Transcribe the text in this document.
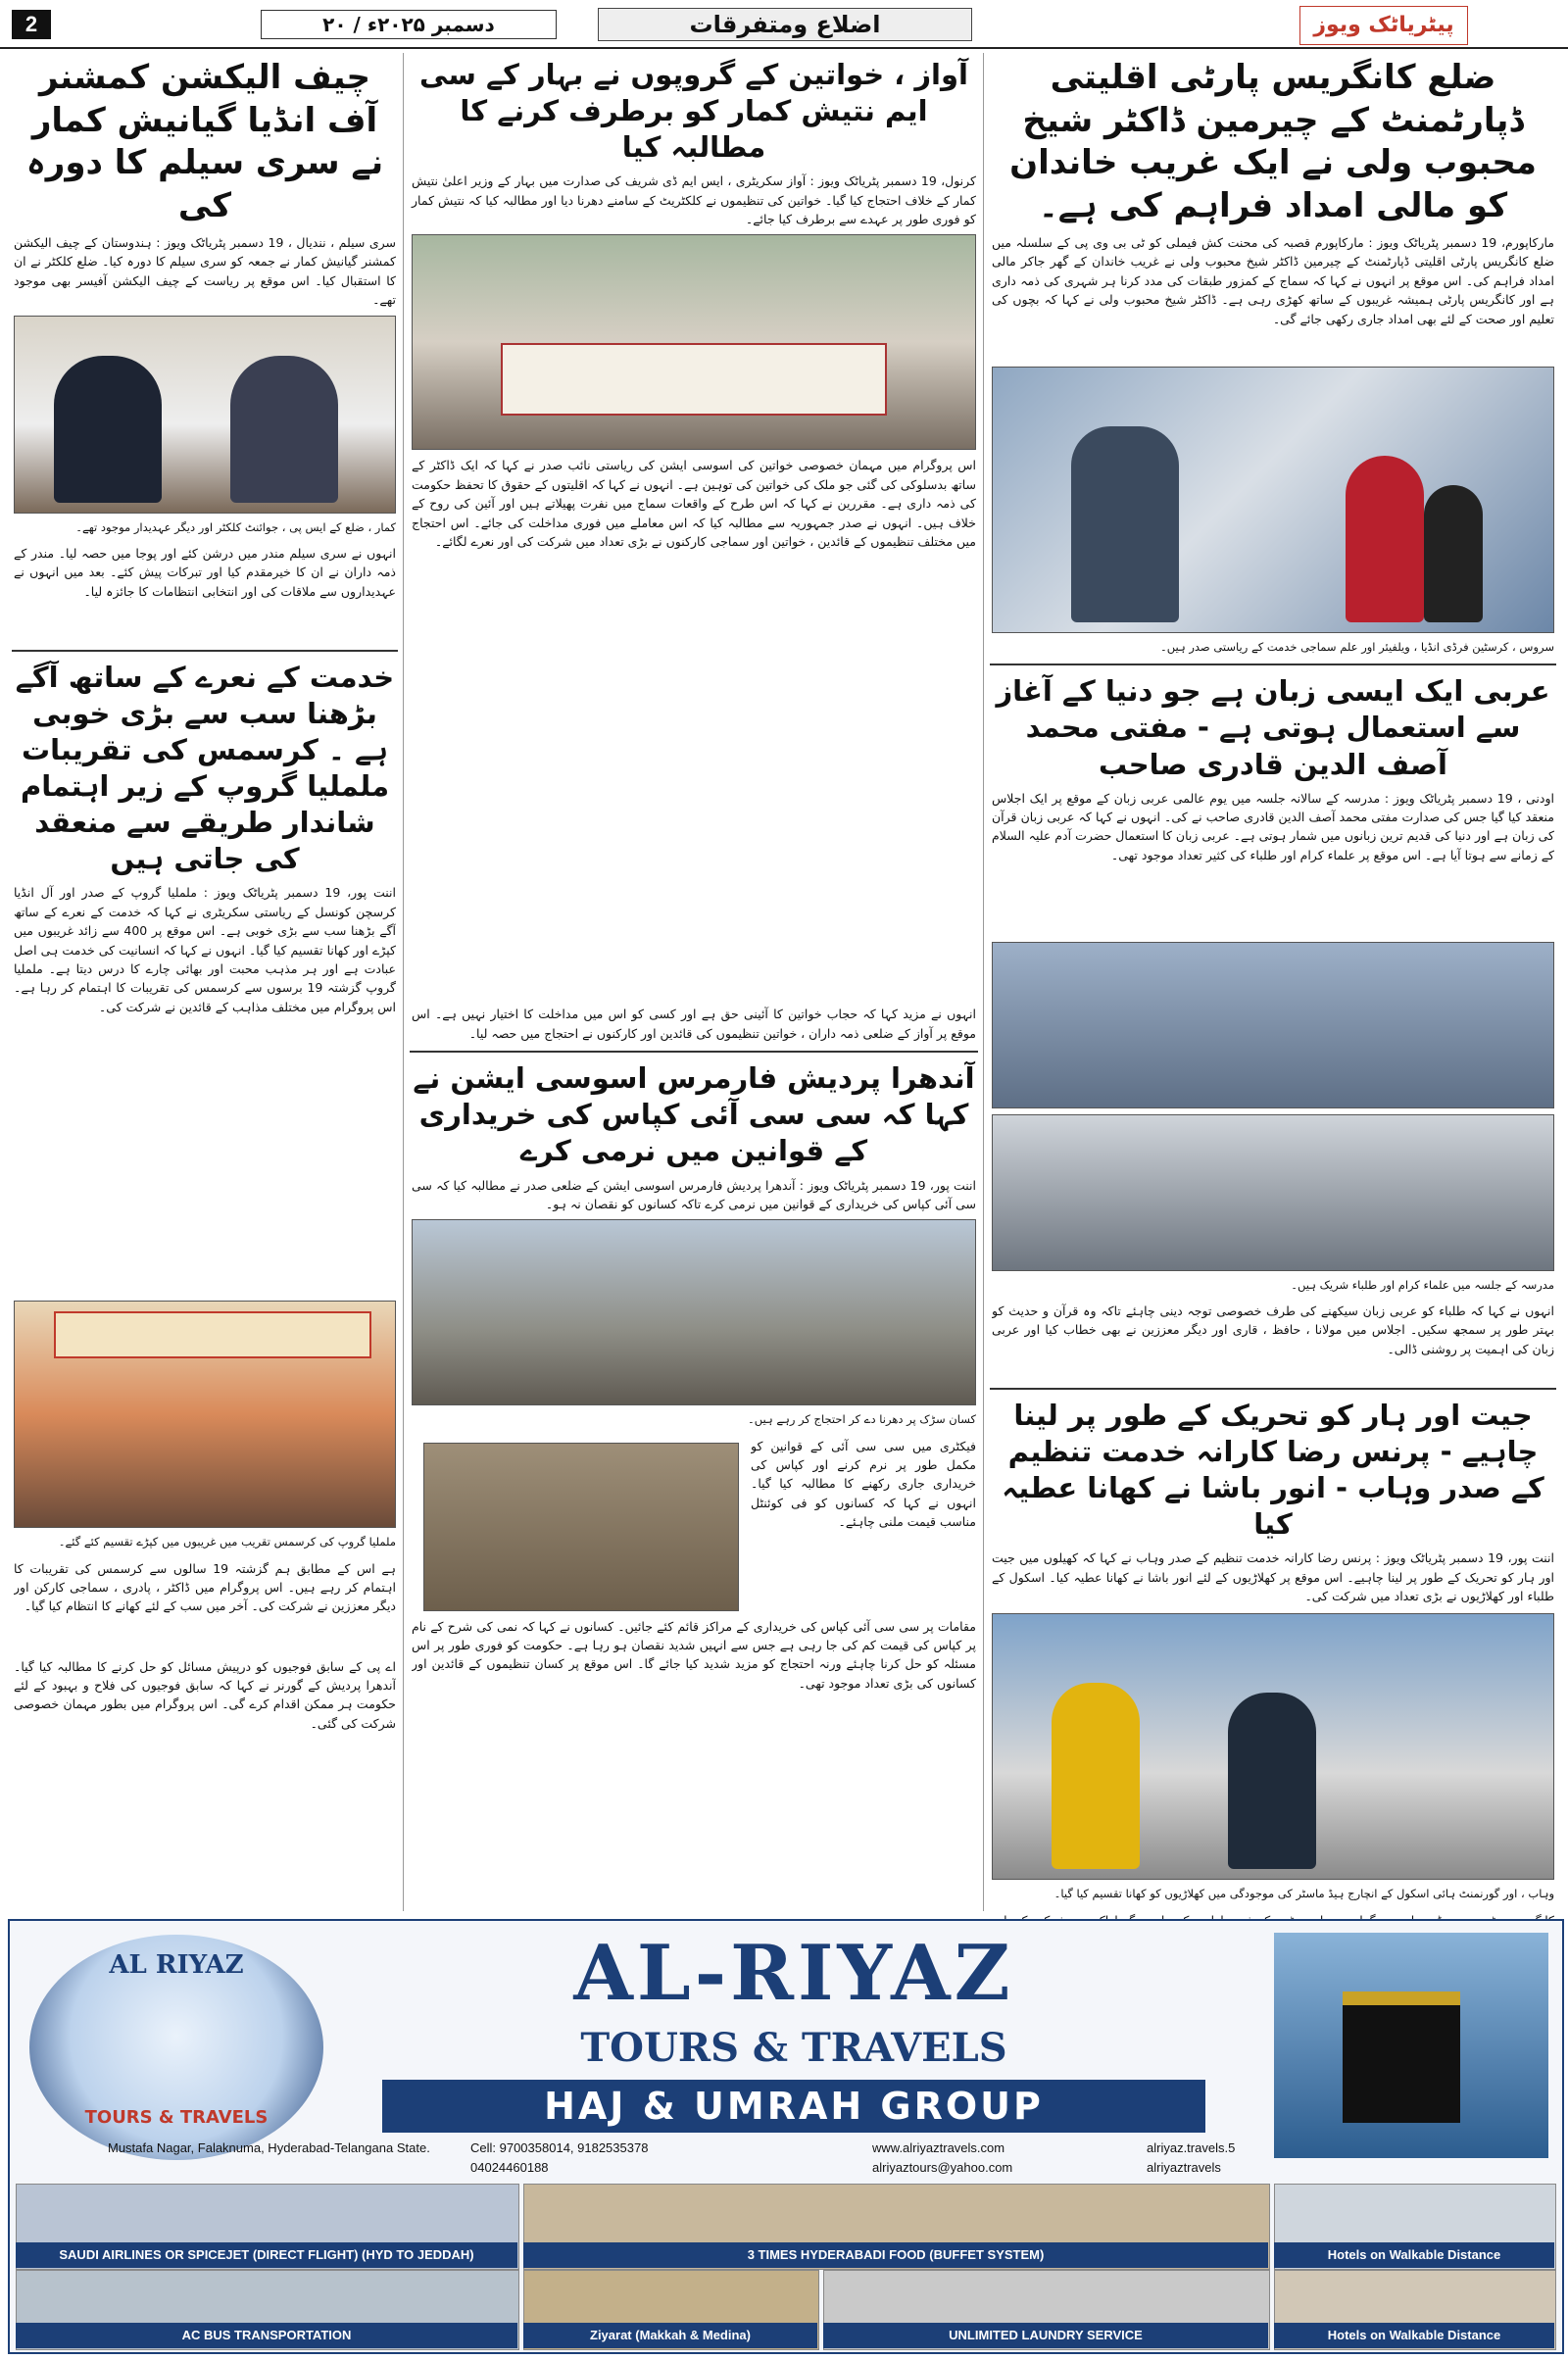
2	۲۰ / دسمبر ۲۰۲۵ء	اضلاع ومتفرقات	پیٹریاٹک ویوز
ضلع کانگریس پارٹی اقلیتی ڈپارٹمنٹ کے چیرمین ڈاکٹر شیخ محبوب ولی نے ایک غریب خاندان کو مالی امداد فراہم کی ہے۔
مارکاپورم، 19 دسمبر پٹریاٹک ویوز : مارکاپورم قصبہ کی محنت کش فیملی کو ٹی بی وی پی کے سلسلہ میں ضلع کانگریس پارٹی اقلیتی ڈپارٹمنٹ کے چیرمین ڈاکٹر شیخ محبوب ولی نے غریب خاندان کے گھر جاکر مالی امداد فراہم کی۔ اس موقع پر انہوں نے کہا کہ سماج کے کمزور طبقات کی مدد کرنا ہر شہری کی ذمہ داری ہے اور کانگریس پارٹی ہمیشہ غریبوں کے ساتھ کھڑی رہی ہے۔ ڈاکٹر شیخ محبوب ولی نے کہا کہ بچوں کی تعلیم اور صحت کے لئے بھی امداد جاری رکھی جائے گی۔
سروس ، کرسٹین فرڈی انڈیا ، ویلفیئر اور علم سماجی خدمت کے ریاستی صدر ہیں۔
عربی ایک ایسی زبان ہے جو دنیا کے آغاز سے استعمال ہوتی ہے - مفتی محمد آصف الدین قادری صاحب
اودنی ، 19 دسمبر پٹریاٹک ویوز : مدرسہ کے سالانہ جلسہ میں یوم عالمی عربی زبان کے موقع پر ایک اجلاس منعقد کیا گیا جس کی صدارت مفتی محمد آصف الدین قادری صاحب نے کی۔ انہوں نے کہا کہ عربی زبان قرآن کی زبان ہے اور دنیا کی قدیم ترین زبانوں میں شمار ہوتی ہے۔ عربی زبان کا استعمال حضرت آدم علیہ السلام کے زمانے سے ہوتا آیا ہے۔ اس موقع پر علماء کرام اور طلباء کی کثیر تعداد موجود تھی۔
مدرسہ کے جلسہ میں علماء کرام اور طلباء شریک ہیں۔
انہوں نے کہا کہ طلباء کو عربی زبان سیکھنے کی طرف خصوصی توجہ دینی چاہئے تاکہ وہ قرآن و حدیث کو بہتر طور پر سمجھ سکیں۔ اجلاس میں مولانا ، حافظ ، قاری اور دیگر معززین نے بھی خطاب کیا اور عربی زبان کی اہمیت پر روشنی ڈالی۔
جیت اور ہار کو تحریک کے طور پر لینا چاہیے - پرنس رضا کارانہ خدمت تنظیم کے صدر وہاب - انور باشا نے کھانا عطیہ کیا
اننت پور، 19 دسمبر پٹریاٹک ویوز : پرنس رضا کارانہ خدمت تنظیم کے صدر وہاب نے کہا کہ کھیلوں میں جیت اور ہار کو تحریک کے طور پر لینا چاہیے۔ اس موقع پر کھلاڑیوں کے لئے انور باشا نے کھانا عطیہ کیا۔ اسکول کے طلباء اور کھلاڑیوں نے بڑی تعداد میں شرکت کی۔
وہاب ، اور گورنمنٹ ہائی اسکول کے انچارج ہیڈ ماسٹر کی موجودگی میں کھلاڑیوں کو کھانا تقسیم کیا گیا۔
آواز ، خواتین کے گروپوں نے بہار کے سی ایم نتیش کمار کو برطرف کرنے کا مطالبہ کیا
کرنول، 19 دسمبر پٹریاٹک ویوز : آواز سکریٹری ، ایس ایم ڈی شریف کی صدارت میں بہار کے وزیر اعلیٰ نتیش کمار کے خلاف احتجاج کیا گیا۔ خواتین کی تنظیموں نے کلکٹریٹ کے سامنے دھرنا دیا اور مطالبہ کیا کہ نتیش کمار کو فوری طور پر عہدے سے برطرف کیا جائے۔
اس پروگرام میں مہمان خصوصی خواتین کی اسوسی ایشن کی ریاستی نائب صدر نے کہا کہ ایک ڈاکٹر کے ساتھ بدسلوکی کی گئی جو ملک کی خواتین کی توہین ہے۔ انہوں نے کہا کہ اقلیتوں کے حقوق کا تحفظ حکومت کی ذمہ داری ہے۔ مقررین نے کہا کہ اس طرح کے واقعات سماج میں نفرت پھیلاتے ہیں اور آئین کی روح کے خلاف ہیں۔ انہوں نے صدر جمہوریہ سے مطالبہ کیا کہ اس معاملے میں فوری مداخلت کی جائے۔ اس احتجاج میں مختلف تنظیموں کے قائدین ، خواتین اور سماجی کارکنوں نے بڑی تعداد میں شرکت کی اور نعرے لگائے۔
انہوں نے مزید کہا کہ حجاب خواتین کا آئینی حق ہے اور کسی کو اس میں مداخلت کا اختیار نہیں ہے۔ اس موقع پر آواز کے ضلعی ذمہ داران ، خواتین تنظیموں کی قائدین اور کارکنوں نے احتجاج میں حصہ لیا۔
آندھرا پردیش فارمرس اسوسی ایشن نے کہا کہ سی سی آئی کپاس کی خریداری کے قوانین میں نرمی کرے
اننت پور، 19 دسمبر پٹریاٹک ویوز : آندھرا پردیش فارمرس اسوسی ایشن کے ضلعی صدر نے مطالبہ کیا کہ سی سی آئی کپاس کی خریداری کے قوانین میں نرمی کرے تاکہ کسانوں کو نقصان نہ ہو۔
کسان سڑک پر دھرنا دے کر احتجاج کر رہے ہیں۔
فیکٹری میں سی سی آئی کے قوانین کو مکمل طور پر نرم کرنے اور کپاس کی خریداری جاری رکھنے کا مطالبہ کیا گیا۔ انہوں نے کہا کہ کسانوں کو فی کوئنٹل مناسب قیمت ملنی چاہئے۔
مقامات پر سی سی آئی کپاس کی خریداری کے مراکز قائم کئے جائیں۔ کسانوں نے کہا کہ نمی کی شرح کے نام پر کپاس کی قیمت کم کی جا رہی ہے جس سے انہیں شدید نقصان ہو رہا ہے۔ حکومت کو فوری طور پر اس مسئلہ کو حل کرنا چاہئے ورنہ احتجاج کو مزید شدید کیا جائے گا۔ اس موقع پر کسان تنظیموں کے قائدین اور کسانوں کی بڑی تعداد موجود تھی۔
چیف الیکشن کمشنر آف انڈیا گیانیش کمار نے سری سیلم کا دورہ کی
سری سیلم ، نندیال ، 19 دسمبر پٹریاٹک ویوز : ہندوستان کے چیف الیکشن کمشنر گیانیش کمار نے جمعہ کو سری سیلم کا دورہ کیا۔ ضلع کلکٹر نے ان کا استقبال کیا۔ اس موقع پر ریاست کے چیف الیکشن آفیسر بھی موجود تھے۔
کمار ، ضلع کے ایس پی ، جوائنٹ کلکٹر اور دیگر عہدیدار موجود تھے۔
انہوں نے سری سیلم مندر میں درشن کئے اور پوجا میں حصہ لیا۔ مندر کے ذمہ داران نے ان کا خیرمقدم کیا اور تبرکات پیش کئے۔ بعد میں انہوں نے عہدیداروں سے ملاقات کی اور انتخابی انتظامات کا جائزہ لیا۔
خدمت کے نعرے کے ساتھ آگے بڑھنا سب سے بڑی خوبی ہے ۔ کرسمس کی تقریبات ململیا گروپ کے زیر اہتمام شاندار طریقے سے منعقد کی جاتی ہیں
اننت پور، 19 دسمبر پٹریاٹک ویوز : ململیا گروپ کے صدر اور آل انڈیا کرسچن کونسل کے ریاستی سکریٹری نے کہا کہ خدمت کے نعرے کے ساتھ آگے بڑھنا سب سے بڑی خوبی ہے۔ اس موقع پر 400 سے زائد غریبوں میں کپڑے اور کھانا تقسیم کیا گیا۔ انہوں نے کہا کہ انسانیت کی خدمت ہی اصل عبادت ہے اور ہر مذہب محبت اور بھائی چارے کا درس دیتا ہے۔ ململیا گروپ گزشتہ 19 برسوں سے کرسمس کی تقریبات کا اہتمام کر رہا ہے۔ اس پروگرام میں مختلف مذاہب کے قائدین نے شرکت کی۔
ململیا گروپ کی کرسمس تقریب میں غریبوں میں کپڑے تقسیم کئے گئے۔
ہے اس کے مطابق ہم گزشتہ 19 سالوں سے کرسمس کی تقریبات کا اہتمام کر رہے ہیں۔ اس پروگرام میں ڈاکٹر ، پادری ، سماجی کارکن اور دیگر معززین نے شرکت کی۔ آخر میں سب کے لئے کھانے کا انتظام کیا گیا۔
اے پی کے سابق فوجیوں کو درپیش مسائل کو حل کرنے کا مطالبہ کیا گیا۔ آندھرا پردیش کے گورنر نے کہا کہ سابق فوجیوں کی فلاح و بہبود کے لئے حکومت ہر ممکن اقدام کرے گی۔ اس پروگرام میں بطور مہمان خصوصی شرکت کی گئی۔
AL RIYAZ
TOURS & TRAVELS
AL-RIYAZ
TOURS & TRAVELS
HAJ & UMRAH GROUP
Mustafa Nagar, Falaknuma, Hyderabad-Telangana State.	Cell: 9700358014, 9182535378
04024460188
www.alriyaztravels.com
alriyaztours@yahoo.com
alriyaz.travels.5
alriyaztravels
SAUDI AIRLINES OR SPICEJET (DIRECT FLIGHT) (HYD TO JEDDAH)	3 TIMES HYDERABADI FOOD (BUFFET SYSTEM)	Hotels on Walkable Distance
AC BUS TRANSPORTATION	Ziyarat (Makkah & Medina)	UNLIMITED LAUNDRY SERVICE	Hotels on Walkable Distance
